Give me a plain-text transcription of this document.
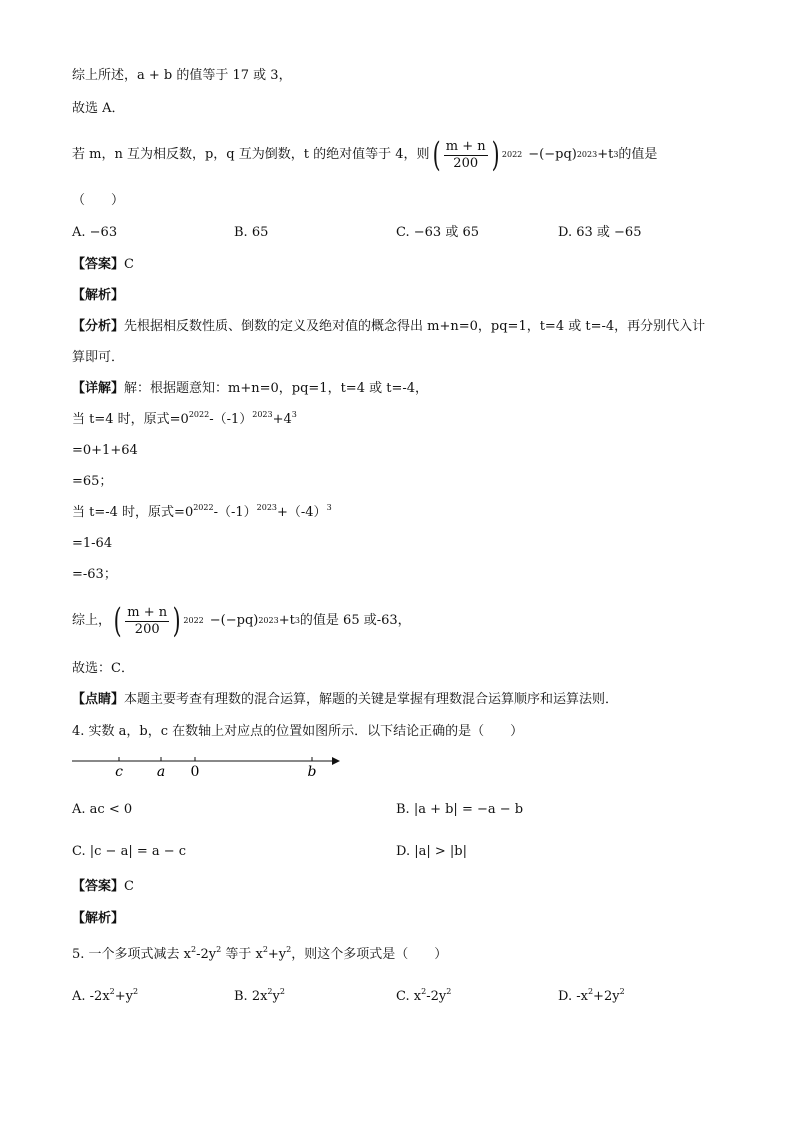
综上所述，a + b 的值等于 17 或 3，
故选 A．
若 m，n 互为相反数，p，q 互为倒数，t 的绝对值等于 4，则 ( $\frac{m + n}{200}$ ) 2022 −(−pq) 2023 +t 3 的值是
（　　）
A. −63	B. 65	C. −63 或 65	D. 63 或 −65
【答案】C
【解析】
【分析】先根据相反数性质、倒数的定义及绝对值的概念得出 m+n=0，pq=1，t=4 或 t=-4，再分别代入计
算即可．
【详解】解：根据题意知：m+n=0，pq=1，t=4 或 t=-4，
当 t=4 时，原式$=0^{2022}-(-1)^{2023}+4^3$
=0+1+64
=65；
当 t=-4 时，原式$=0^{2022}-(-1)^{2023}+(-4)^3$
=1-64
=-63；
综上， ( $\frac{m + n}{200}$ ) 2022 −(−pq) 2023 +t 3 的值是 65 或-63，
故选：C．
【点睛】本题主要考查有理数的混合运算，解题的关键是掌握有理数混合运算顺序和运算法则．
4. 实数 a，b，c 在数轴上对应点的位置如图所示．以下结论正确的是（　　）
c a 0	b
A. ac < 0	B. |a + b| = −a − b
C. |c − a| = a − c	D. |a| > |b|
【答案】C
【解析】
5. 一个多项式减去 $x^2-2y^2$ 等于 $x^2+y^2$，则这个多项式是（　　）
A. $-2x^2+y^2$	B. $2x^2y^2$	C. $x^2-2y^2$	D. $-x^2+2y^2$
